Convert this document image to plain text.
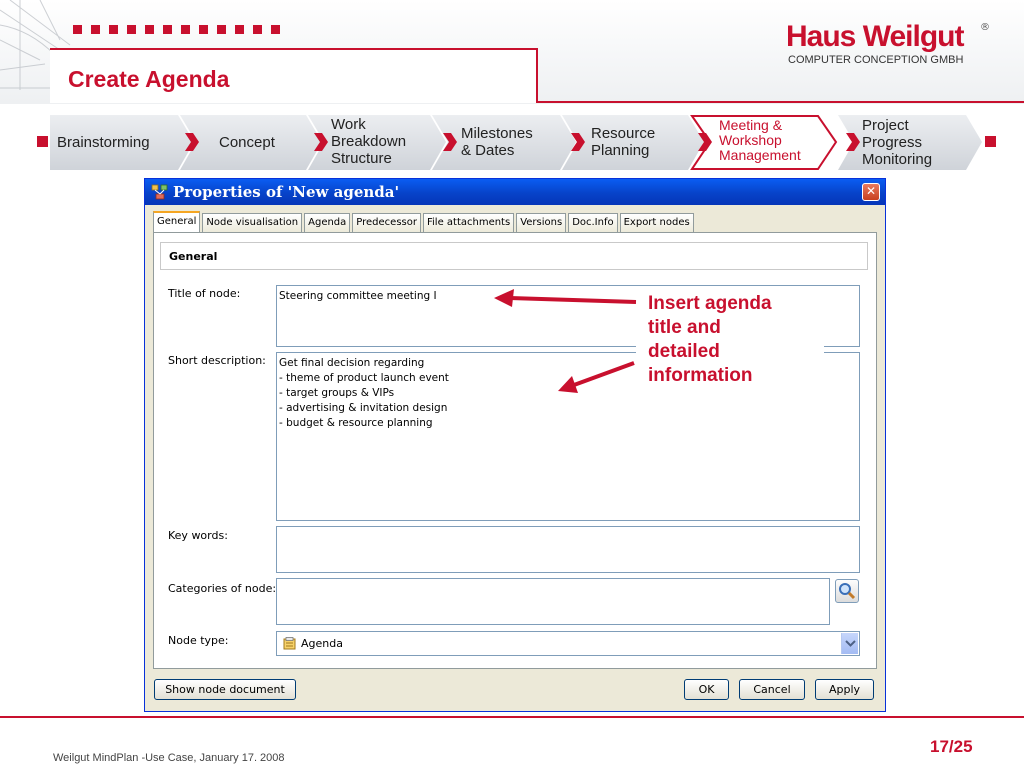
Create Agenda
Haus Weilgut ®
COMPUTER CONCEPTION GMBH
Brainstorming	Concept
Work
Breakdown
Structure
Milestones
& Dates
Resource
Planning
Meeting &
Workshop
Management
Project
Progress
Monitoring
Properties of 'New agenda'	✕
General	Node visualisation	Agenda	Predecessor	File attachments	Versions	Doc.Info	Export nodes
General
Title of node:	Steering committee meeting I
Short description: Get final decision regarding
- theme of product launch event
- target groups & VIPs
- advertising & invitation design
- budget & resource planning
Key words:
Categories of node:
Node type:	Agenda
Show node document	OK	Cancel	Apply
Insert agenda
title and
detailed
information
Weilgut MindPlan -Use Case, January 17. 2008
17/25
